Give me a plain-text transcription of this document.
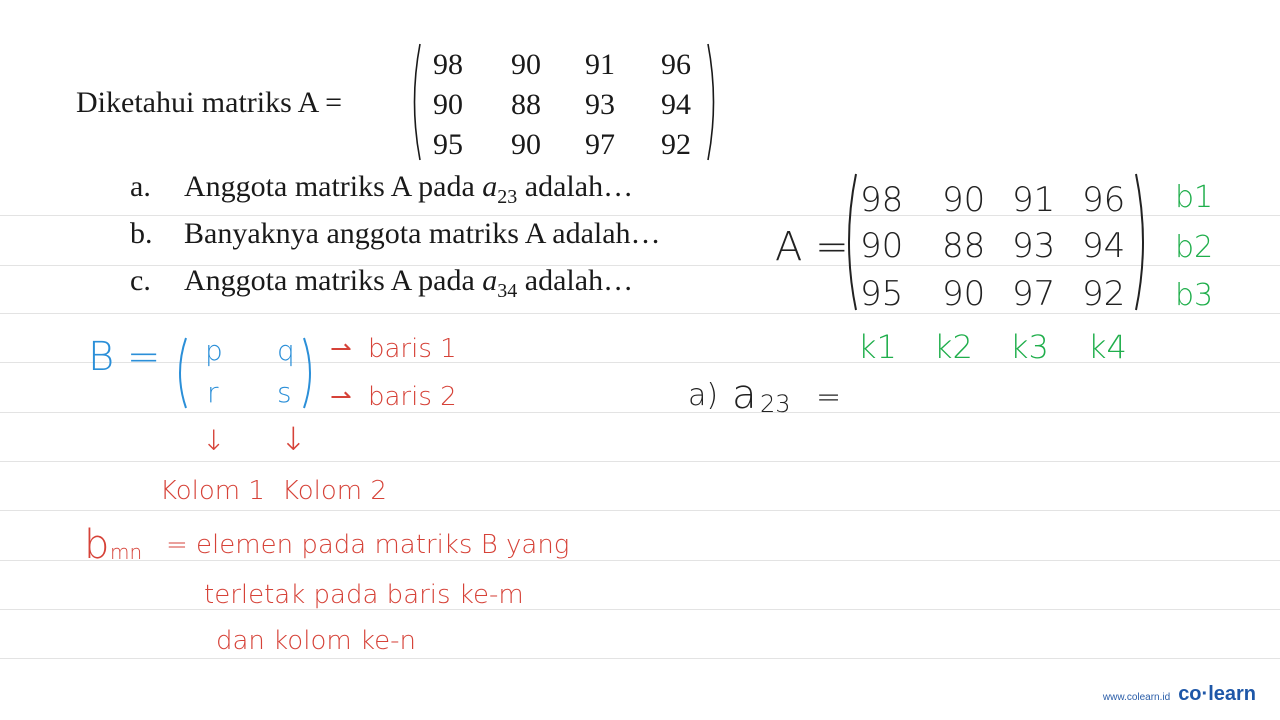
Diketahui matriks A =
98	90	91	96
90	88	93	94
95	90	97	92
a. Anggota matriks A pada $a_{23}$ adalah…
b. Banyaknya anggota matriks A adalah…
c. Anggota matriks A pada $a_{34}$ adalah…
B = p q
r s
⇀ baris 1
⇀ baris 2
↓ ↓
Kolom 1 Kolom 2
b mn = elemen pada matriks B yang
terletak pada baris ke-m
dan kolom ke-n
A =
98 90 91 96
90 88 93 94
95 90 97 92
b1
b2
b3
k1 k2 k3 k4
a) a 23 =
www.colearn.id co·learn
